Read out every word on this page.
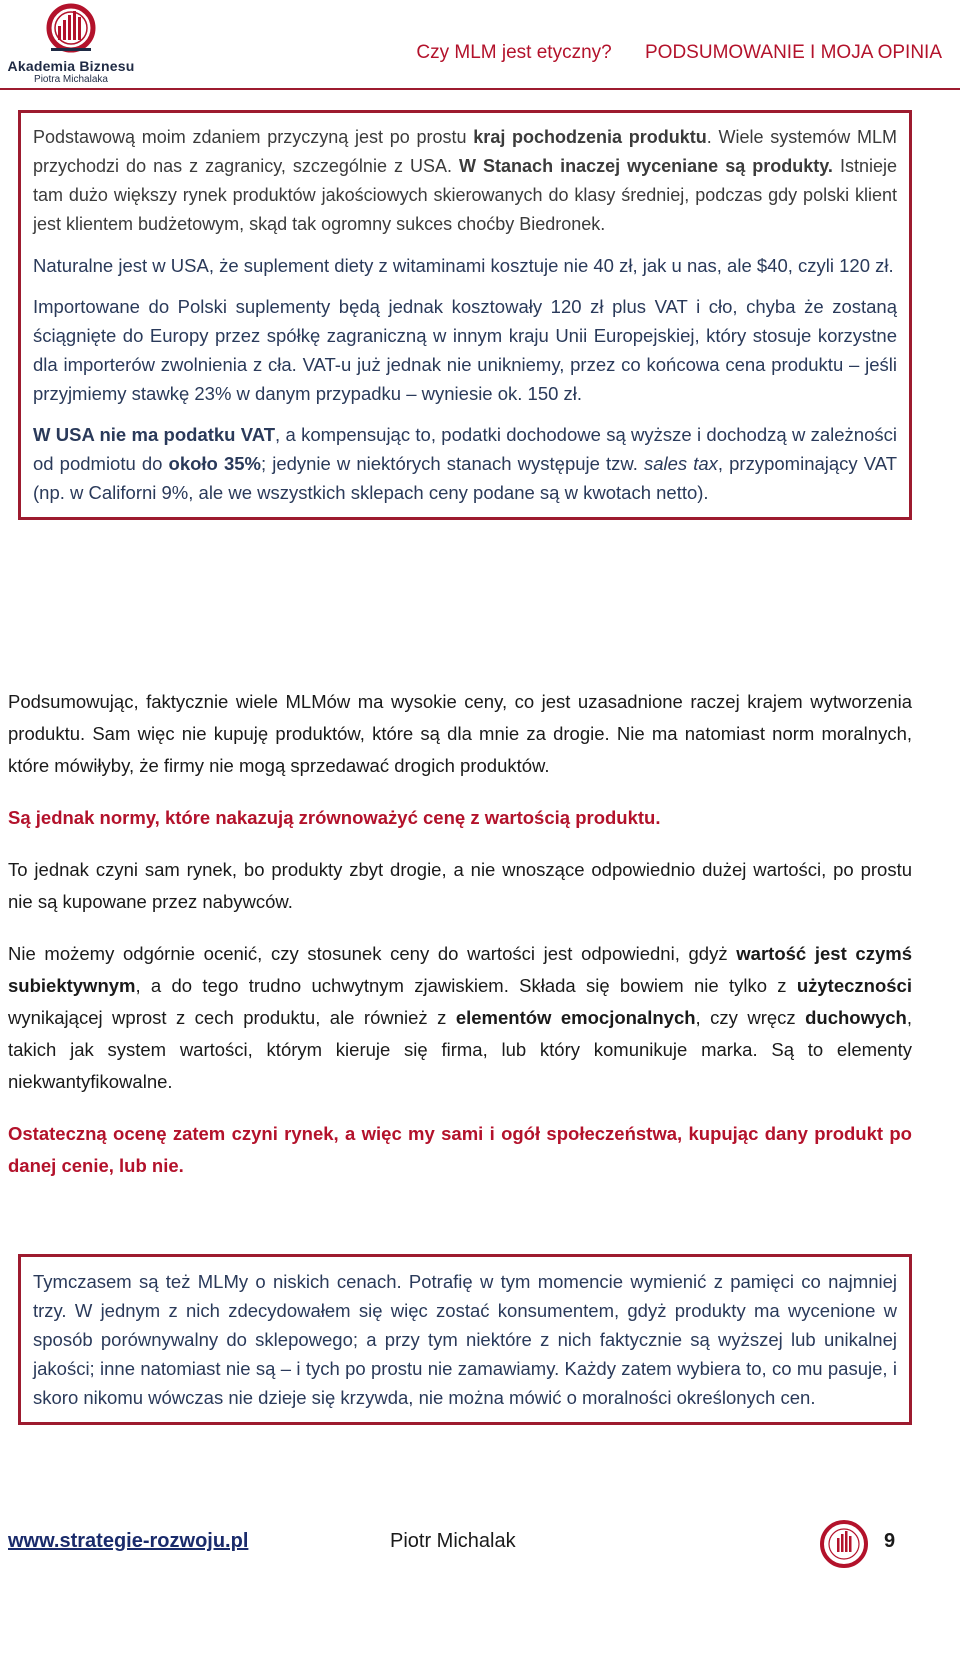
Akademia Biznesu
Piotra Michalaka
Czy MLM jest etyczny? PODSUMOWANIE I MOJA OPINIA

Podstawową moim zdaniem przyczyną jest po prostu kraj pochodzenia produktu. Wiele systemów MLM przychodzi do nas z zagranicy, szczególnie z USA. W Stanach inaczej wyceniane są produkty. Istnieje tam dużo większy rynek produktów jakościowych skierowanych do klasy średniej, podczas gdy polski klient jest klientem budżetowym, skąd tak ogromny sukces choćby Biedronek.

Naturalne jest w USA, że suplement diety z witaminami kosztuje nie 40 zł, jak u nas, ale $40, czyli 120 zł.

Importowane do Polski suplementy będą jednak kosztowały 120 zł plus VAT i cło, chyba że zostaną ściągnięte do Europy przez spółkę zagraniczną w innym kraju Unii Europejskiej, który stosuje korzystne dla importerów zwolnienia z cła. VAT-u już jednak nie unikniemy, przez co końcowa cena produktu – jeśli przyjmiemy stawkę 23% w danym przypadku – wyniesie ok. 150 zł.

W USA nie ma podatku VAT, a kompensując to, podatki dochodowe są wyższe i dochodzą w zależności od podmiotu do około 35%; jedynie w niektórych stanach występuje tzw. sales tax, przypominający VAT (np. w Californi 9%, ale we wszystkich sklepach ceny podane są w kwotach netto).

Podsumowując, faktycznie wiele MLMów ma wysokie ceny, co jest uzasadnione raczej krajem wytworzenia produktu. Sam więc nie kupuję produktów, które są dla mnie za drogie. Nie ma natomiast norm moralnych, które mówiłyby, że firmy nie mogą sprzedawać drogich produktów.

Są jednak normy, które nakazują zrównoważyć cenę z wartością produktu.

To jednak czyni sam rynek, bo produkty zbyt drogie, a nie wnoszące odpowiednio dużej wartości, po prostu nie są kupowane przez nabywców.

Nie możemy odgórnie ocenić, czy stosunek ceny do wartości jest odpowiedni, gdyż wartość jest czymś subiektywnym, a do tego trudno uchwytnym zjawiskiem. Składa się bowiem nie tylko z użyteczności wynikającej wprost z cech produktu, ale również z elementów emocjonalnych, czy wręcz duchowych, takich jak system wartości, którym kieruje się firma, lub który komunikuje marka. Są to elementy niekwantyfikowalne.

Ostateczną ocenę zatem czyni rynek, a więc my sami i ogół społeczeństwa, kupując dany produkt po danej cenie, lub nie.

Tymczasem są też MLMy o niskich cenach. Potrafię w tym momencie wymienić z pamięci co najmniej trzy. W jednym z nich zdecydowałem się więc zostać konsumentem, gdyż produkty ma wycenione w sposób porównywalny do sklepowego; a przy tym niektóre z nich faktycznie są wyższej lub unikalnej jakości; inne natomiast nie są – i tych po prostu nie zamawiamy. Każdy zatem wybiera to, co mu pasuje, i skoro nikomu wówczas nie dzieje się krzywda, nie można mówić o moralności określonych cen.

www.strategie-rozwoju.pl	Piotr Michalak	9
